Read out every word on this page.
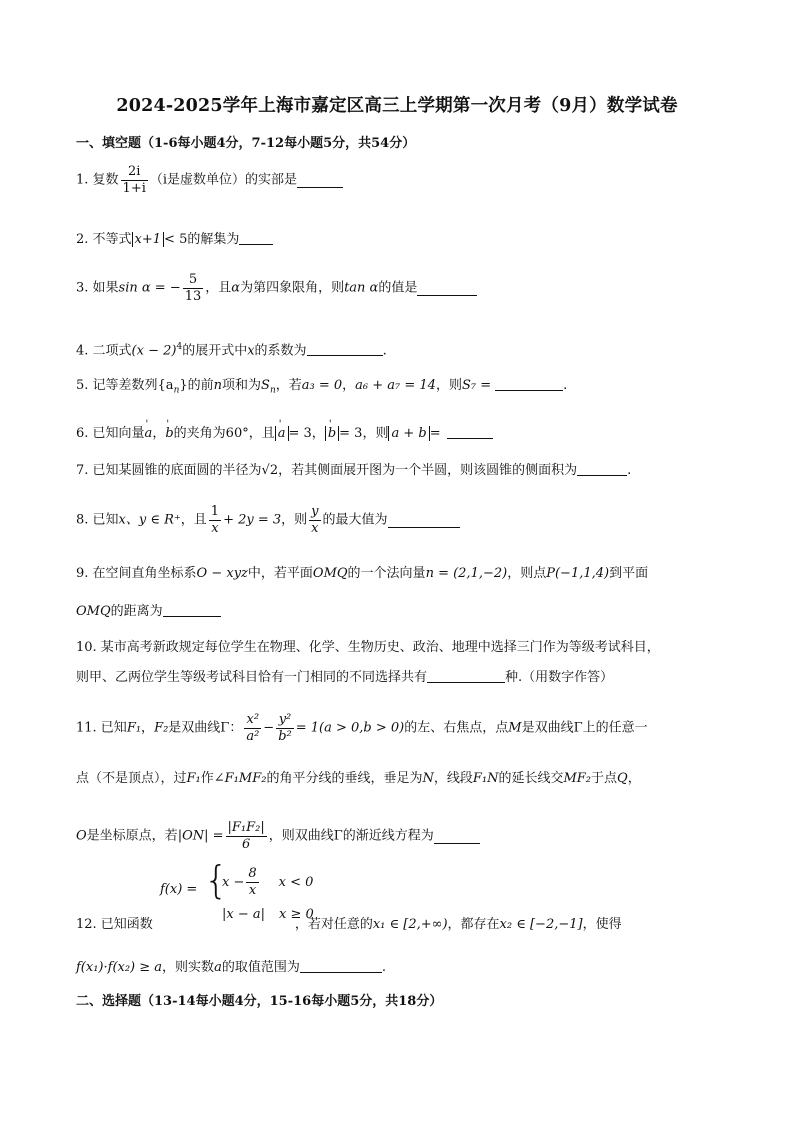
2024-2025学年上海市嘉定区高三上学期第一次月考（9月）数学试卷
一、填空题（1-6每小题4分，7-12每小题5分，共54分）
1. 复数 $\frac{2i}{1+i} (i$是虚数单位）的实部是
2. 不等式 x+1 < 5的解集为
3. 如果sin α = − $\frac{5}{13}$ ，且α为第四象限角，则tan α的值是
4. 二项式$(x - 2)^4$的展开式中x的系数为	.
5. 记等差数列$\{a_n\}$的前n项和为$S_n$，若a₃ = 0，a₆ + a₇ = 14，则S₇ =	.
6. 已知向量' a，' b的夹角为60°，且 ' a = 3， ' b = 3，则 a + b =
7. 已知某圆锥的底面圆的半径为√2，若其侧面展开图为一个半圆，则该圆锥的侧面积为	.
8. 已知x、y ∈ R⁺，且 $\frac{1}{x} + 2y = 3$，则 $\frac{y}{x}$ 的最大值为
9. 在空间直角坐标系O − xyz中，若平面OMQ的一个法向量n = (2,1,−2)，则点P(−1,1,4)到平面
OMQ的距离为
10. 某市高考新政规定每位学生在物理、化学、生物历史、政治、地理中选择三门作为等级考试科目，
则甲、乙两位学生等级考试科目恰有一门相同的不同选择共有	种.（用数字作答）
11. 已知F₁，F₂是双曲线Γ： $\frac{\text{x²}}{\text{a²}} - \frac{\text{y²}}{\text{b²}} = 1(a > 0,b > 0)$的左、右焦点，点M是双曲线Γ上的任意一
点（不是顶点），过F₁作∠F₁MF₂的角平分线的垂线，垂足为N，线段F₁N的延长线交MF₂于点Q，
O是坐标原点，若$|ON| = \frac{\text{|F₁F₂|}}{6}$ ，则双曲线Γ的渐近线方程为
f(x) = {
$x - \frac{8}{x}$ x < 0
|x − a| x ≥ 0
12. 已知函数	，若对任意的x₁ ∈ [2,+∞)，都存在x₂ ∈ [−2,−1]，使得
f(x₁)·f(x₂) ≥ a，则实数a的取值范围为	.
二、选择题（13-14每小题4分，15-16每小题5分，共18分）
